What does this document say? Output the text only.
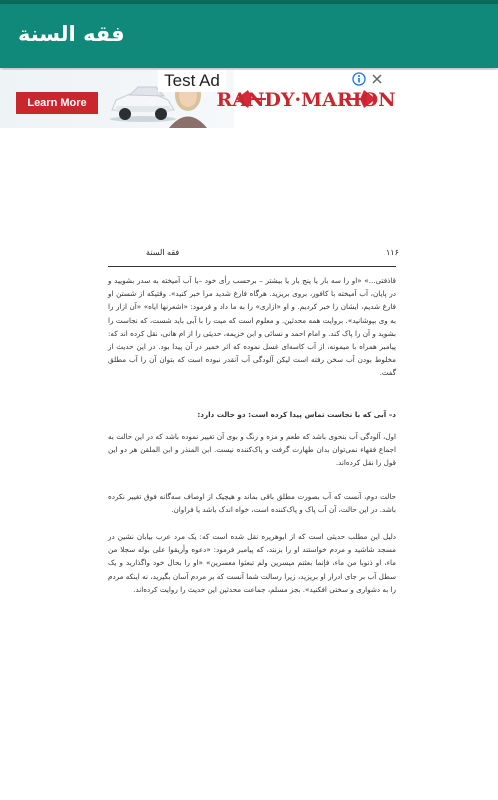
فقه السنة
Learn More
Test Ad
RANDY·MARION
فقه السنة	۱۱۶
قاذفتی...» «او را سه بار یا پنج بار یا بیشتر – برحسب رأی خود –با آب آمیخته به سدر بشویید و در پایان، آب آمیخته با کافور، بروی بریزید. هرگاه فارغ شدید مرا خبر کنید». وقتیکه از شستن او فارغ شدیم، ایشان را خبر کردیم. و او «ازاری» را به ما داد و فرمود: «اشعرنها ایاه» «آن ازار را به وی بپوشانید». بروایت همه محدثین. و معلوم است که میت را با آبی باید شست، که نجاست را بشوید و آن را پاک کند. و امام احمد و نسائی و ابن خزیمه، حدیثی را از ام هانی، نقل کرده اند که: پیامبر همراه با میمونه، از آب کاسه‌ای غسل نموده که اثر خمیر در آن پیدا بود. در این حدیث از مخلوط بودن آب سخن رفته است لیکن آلودگی آب آنقدر نبوده است که بتوان آن را آب مطلق گفت.
د– آبی که با نجاست تماس پیدا کرده است: دو حالت دارد:
اول، آلودگی آب بنحوی باشد که طعم و مزه و رنگ و بوی آن تغییر نموده باشد که در این حالت به اجماع فقهاء نمی‌توان بدان طهارت گرفت و پاک‌کننده نیست. ابن المنذر و ابن الملقن هر دو این قول را نقل کرده‌اند.
حالت دوم، آنست که آب بصورت مطلق باقی بماند و هیچیک از اوصاف سه‌گانه فوق تغییر نکرده باشد. در این حالت، آن آب پاک و پاک‌کننده است، خواه اندک باشد یا فراوان.
دلیل این مطلب حدیثی است که از ابوهریره نقل شده است که: یک مرد عرب بیابان نشین در مسجد شاشید و مردم خواستند او را بزنند، که پیامبر فرمود: «دعوه وأریقوا علی بوله سجلا من ماء، او ذنوبا من ماء، فإنما بعثتم میسرین ولم تبعثوا معسرین» «او را بحال خود واگذارید و یک سطل آب بر جای ادرار او بریزید، زیرا رسالت شما آنست که بر مردم آسان بگیرید، نه اینکه مردم را به دشواری و سختی افکنید». بجز مسلم، جماعت محدثین این حدیث را روایت کرده‌اند.
